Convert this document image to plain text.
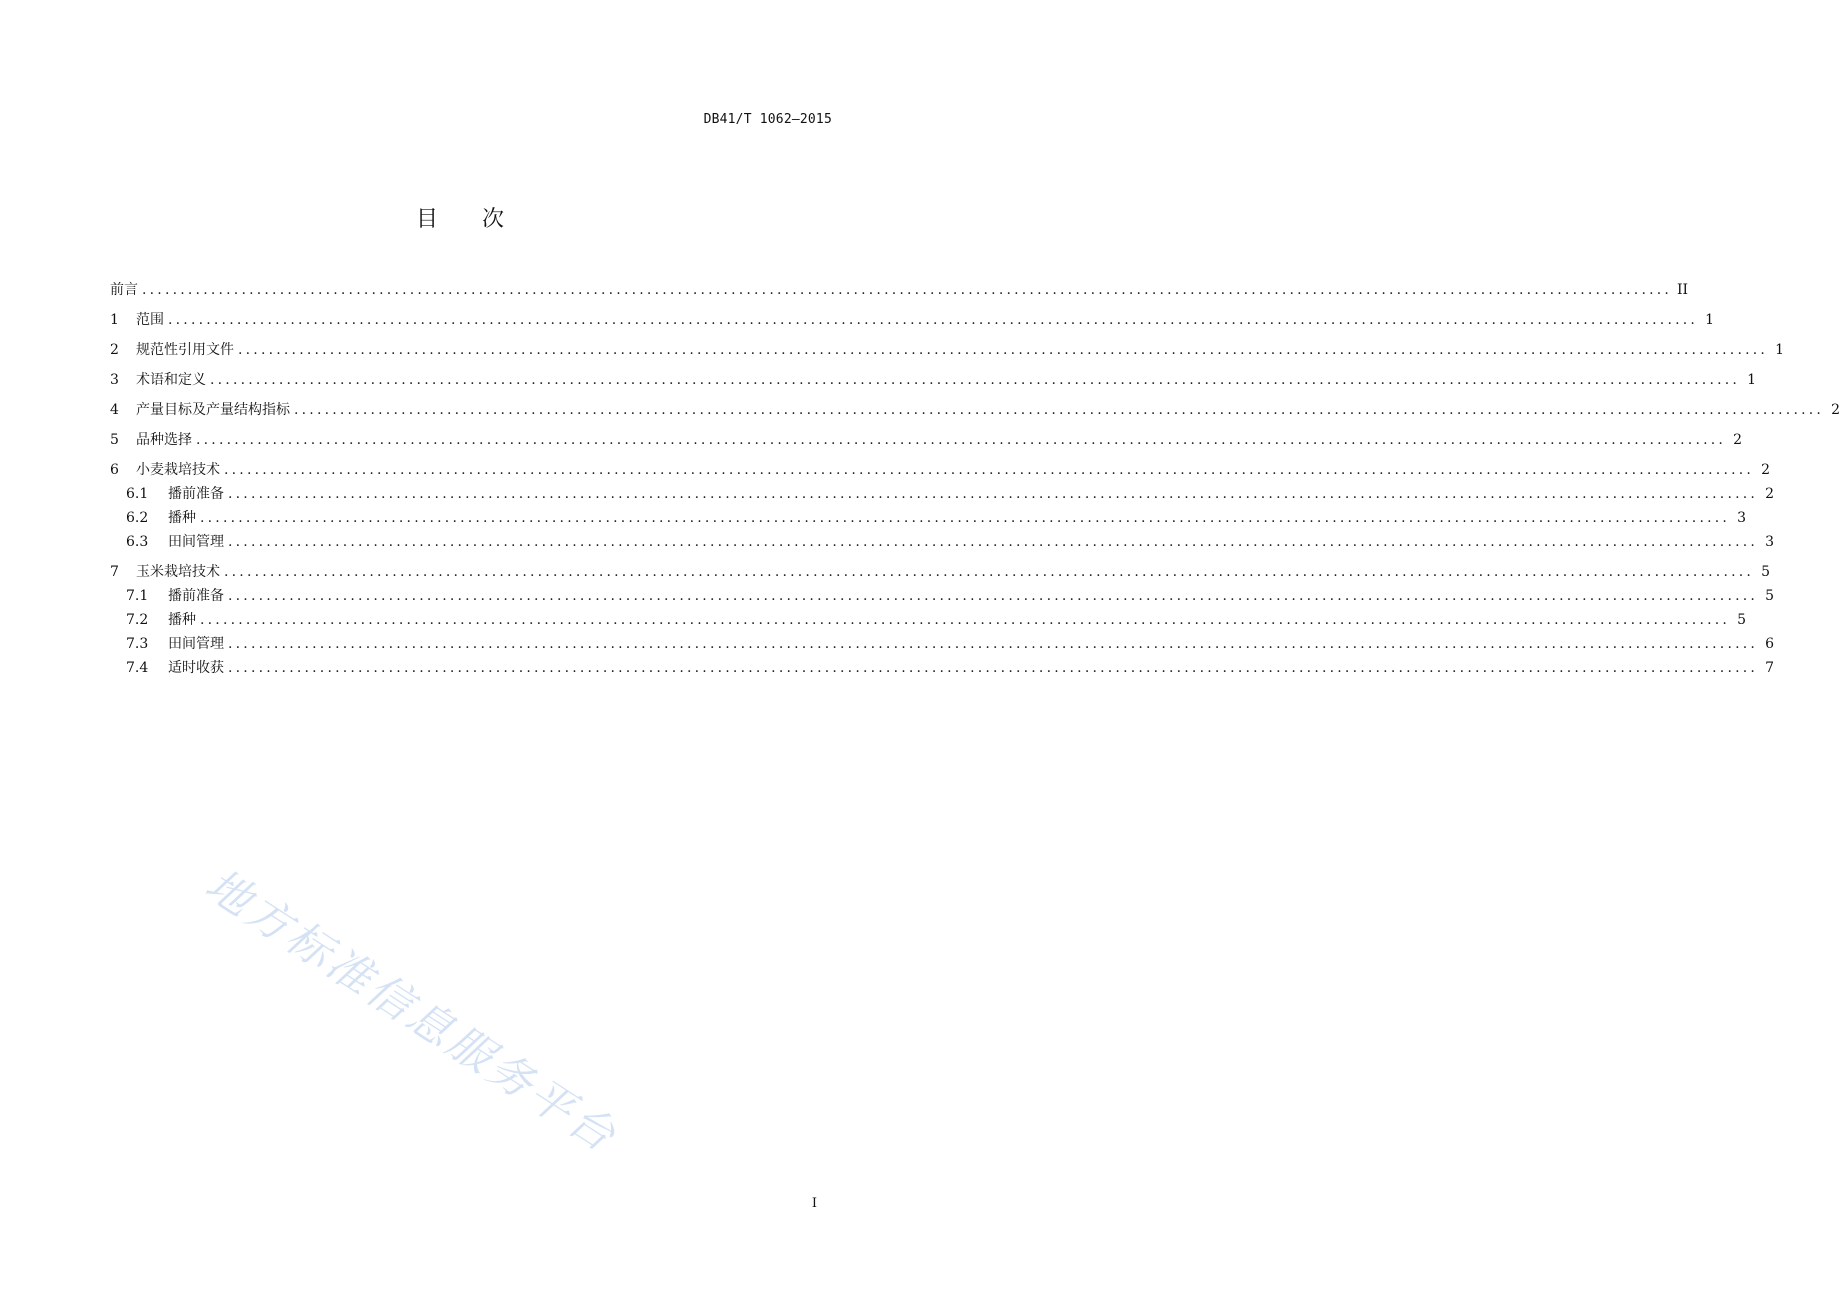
DB41/T 1062—2015
目 次
前言 ........................................................................................................................................................................................................ II
1	范围 ........................................................................................................................................................................................................ 1
2	规范性引用文件 ........................................................................................................................................................................................................ 1
3	术语和定义 ........................................................................................................................................................................................................ 1
4	产量目标及产量结构指标 ........................................................................................................................................................................................................ 2
5	品种选择 ........................................................................................................................................................................................................ 2
6	小麦栽培技术 ........................................................................................................................................................................................................ 2
6.1	播前准备 ........................................................................................................................................................................................................ 2
6.2	播种 ........................................................................................................................................................................................................ 3
6.3	田间管理 ........................................................................................................................................................................................................ 3
7	玉米栽培技术 ........................................................................................................................................................................................................ 5
7.1	播前准备 ........................................................................................................................................................................................................ 5
7.2	播种 ........................................................................................................................................................................................................ 5
7.3	田间管理 ........................................................................................................................................................................................................ 6
7.4	适时收获 ........................................................................................................................................................................................................ 7
地方标准信息服务平台
I
